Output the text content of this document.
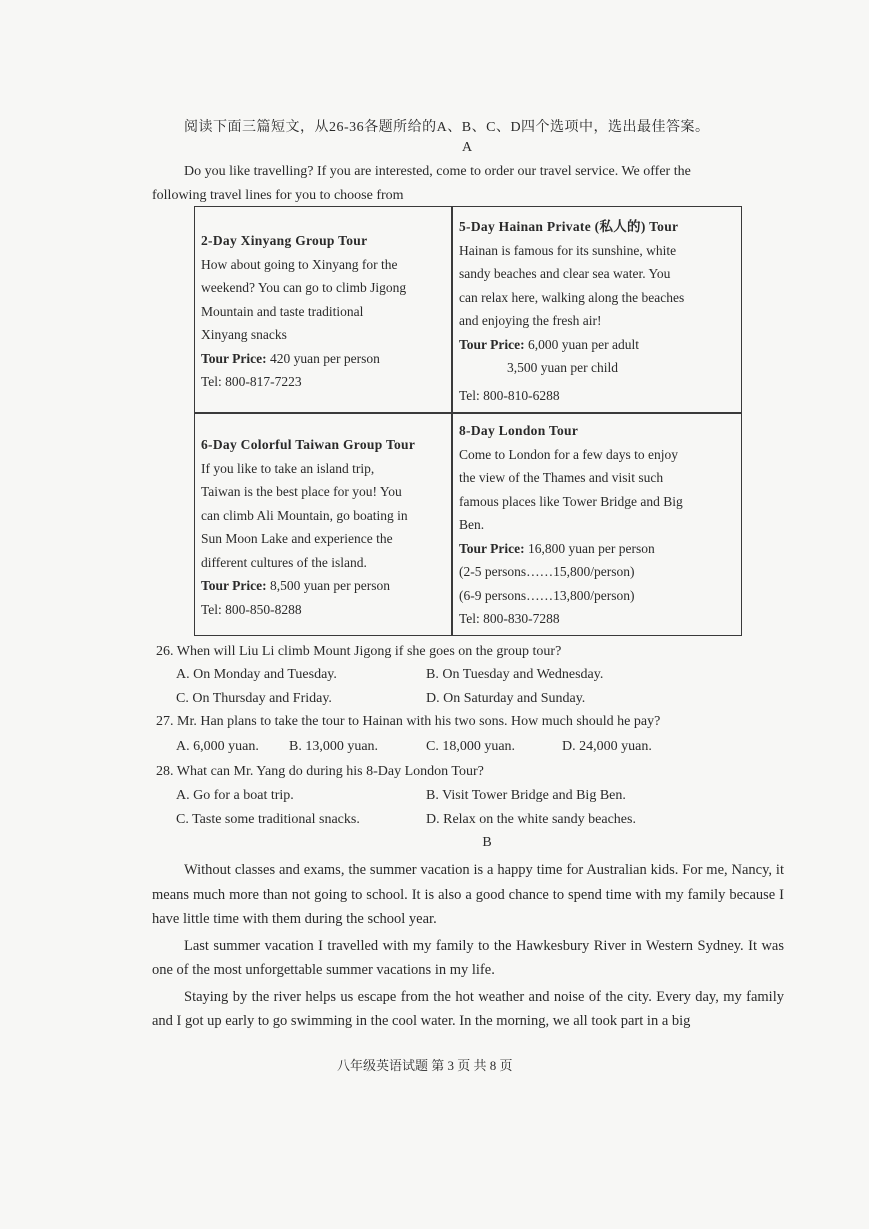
阅读下面三篇短文，从26-36各题所给的A、B、C、D四个选项中，选出最佳答案。
A
Do you like travelling? If you are interested, come to order our travel service. We offer the
following travel lines for you to choose from
2-Day Xinyang Group Tour
How about going to Xinyang for the
weekend? You can go to climb Jigong
Mountain and taste traditional
Xinyang snacks
Tour Price: 420 yuan per person
Tel: 800-817-7223
5-Day Hainan Private (私人的) Tour
Hainan is famous for its sunshine, white
sandy beaches and clear sea water. You
can relax here, walking along the beaches
and enjoying the fresh air!
Tour Price: 6,000 yuan per adult
3,500 yuan per child
Tel: 800-810-6288
6-Day Colorful Taiwan Group Tour
If you like to take an island trip,
Taiwan is the best place for you! You
can climb Ali Mountain, go boating in
Sun Moon Lake and experience the
different cultures of the island.
Tour Price: 8,500 yuan per person
Tel: 800-850-8288
8-Day London Tour
Come to London for a few days to enjoy
the view of the Thames and visit such
famous places like Tower Bridge and Big
Ben.
Tour Price: 16,800 yuan per person
(2-5 persons……15,800/person)
(6-9 persons……13,800/person)
Tel: 800-830-7288
26. When will Liu Li climb Mount Jigong if she goes on the group tour?
A. On Monday and Tuesday.	B. On Tuesday and Wednesday.
C. On Thursday and Friday.	D. On Saturday and Sunday.
27. Mr. Han plans to take the tour to Hainan with his two sons. How much should he pay?
A. 6,000 yuan. B. 13,000 yuan.	C. 18,000 yuan.	D. 24,000 yuan.
28. What can Mr. Yang do during his 8-Day London Tour?
A. Go for a boat trip.	B. Visit Tower Bridge and Big Ben.
C. Taste some traditional snacks.	D. Relax on the white sandy beaches.
B

Without classes and exams, the summer vacation is a happy time for Australian kids. For me, Nancy, it means much more than not going to school. It is also a good chance to spend time with my family because I have little time with them during the school year.

Last summer vacation I travelled with my family to the Hawkesbury River in Western Sydney. It was one of the most unforgettable summer vacations in my life.

Staying by the river helps us escape from the hot weather and noise of the city. Every day, my family and I got up early to go swimming in the cool water. In the morning, we all took part in a big

八年级英语试题 第 3 页 共 8 页
